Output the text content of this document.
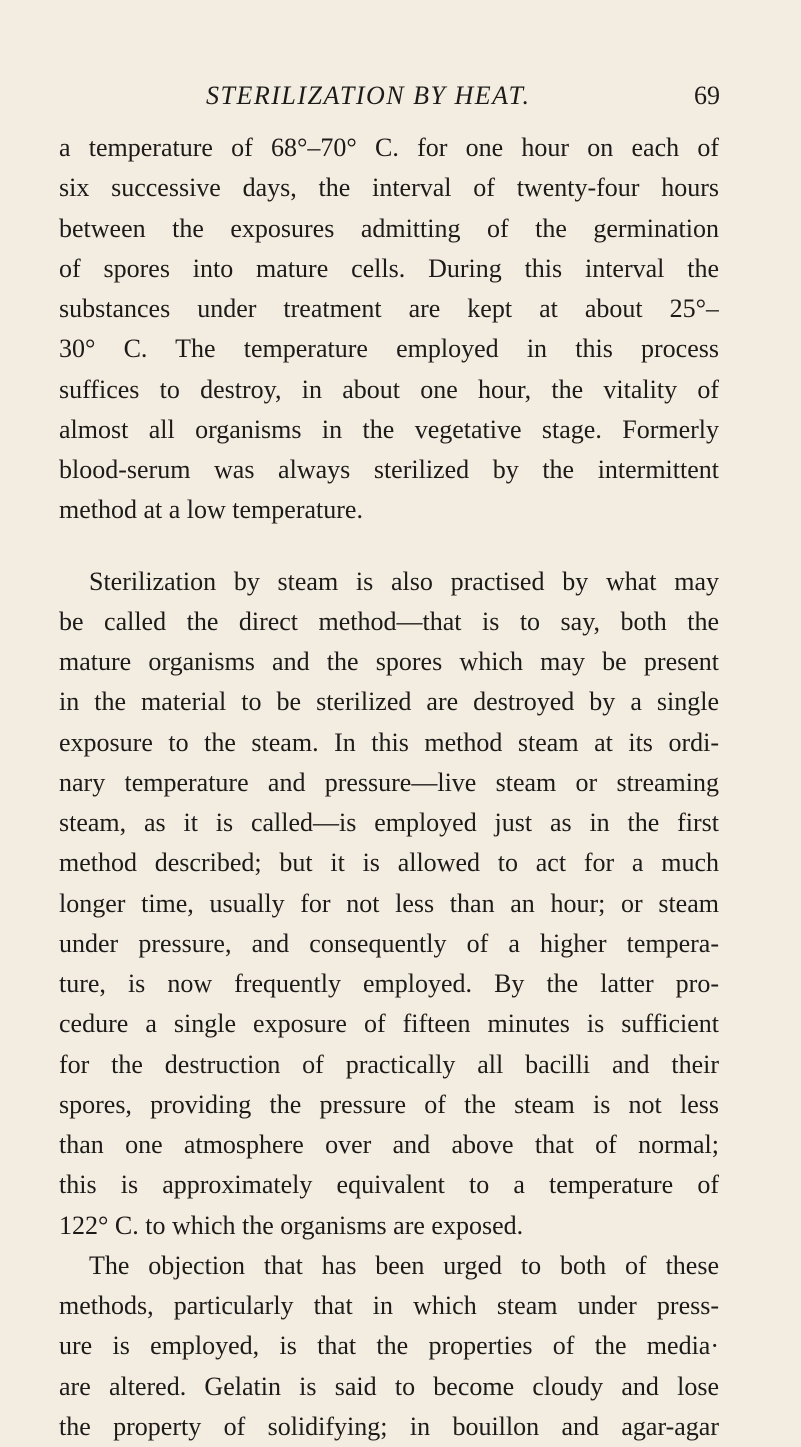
STERILIZATION BY HEAT.	69
a temperature of 68°–70° C. for one hour on each of
six successive days, the interval of twenty-four hours
between the exposures admitting of the germination
of spores into mature cells. During this interval the
substances under treatment are kept at about 25°–
30° C. The temperature employed in this process
suffices to destroy, in about one hour, the vitality of
almost all organisms in the vegetative stage. Formerly
blood-serum was always sterilized by the intermittent
method at a low temperature.
Sterilization by steam is also practised by what may
be called the direct method—that is to say, both the
mature organisms and the spores which may be present
in the material to be sterilized are destroyed by a single
exposure to the steam. In this method steam at its ordi-
nary temperature and pressure—live steam or streaming
steam, as it is called—is employed just as in the first
method described; but it is allowed to act for a much
longer time, usually for not less than an hour; or steam
under pressure, and consequently of a higher tempera-
ture, is now frequently employed. By the latter pro-
cedure a single exposure of fifteen minutes is sufficient
for the destruction of practically all bacilli and their
spores, providing the pressure of the steam is not less
than one atmosphere over and above that of normal;
this is approximately equivalent to a temperature of
122° C. to which the organisms are exposed.
The objection that has been urged to both of these
methods, particularly that in which steam under press-
ure is employed, is that the properties of the media·
are altered. Gelatin is said to become cloudy and lose
the property of solidifying; in bouillon and agar-agar
